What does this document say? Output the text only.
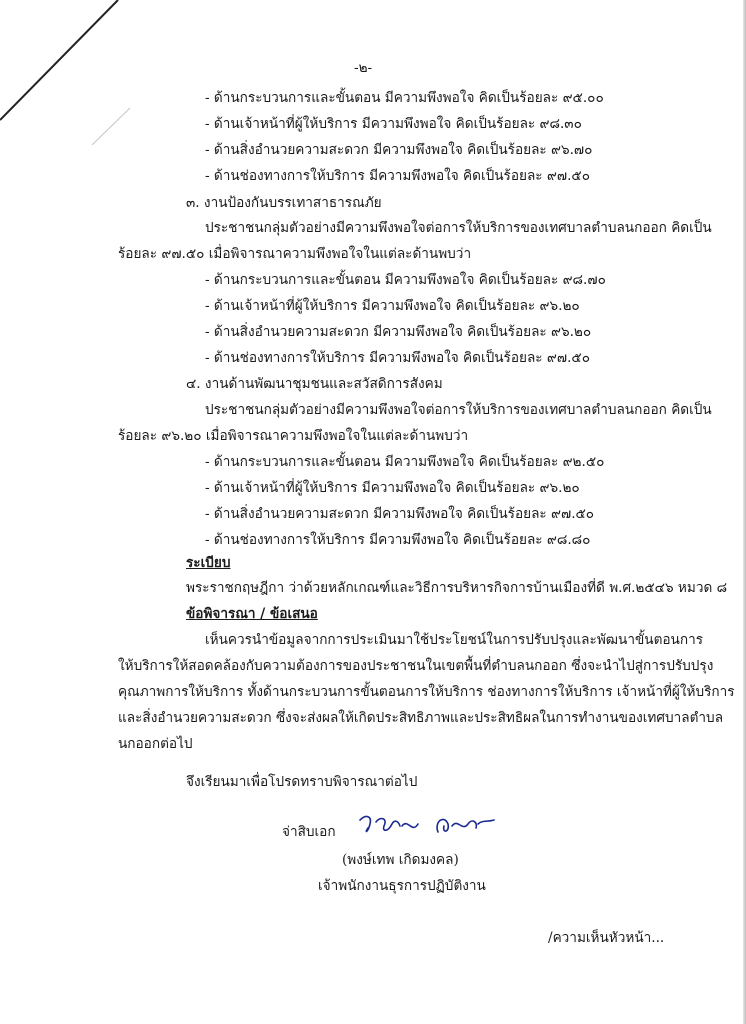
-๒-
- ด้านกระบวนการและขั้นตอน มีความพึงพอใจ คิดเป็นร้อยละ ๙๕.๐๐
- ด้านเจ้าหน้าที่ผู้ให้บริการ มีความพึงพอใจ คิดเป็นร้อยละ ๙๘.๓๐
- ด้านสิ่งอำนวยความสะดวก มีความพึงพอใจ คิดเป็นร้อยละ ๙๖.๗๐
- ด้านช่องทางการให้บริการ มีความพึงพอใจ คิดเป็นร้อยละ ๙๗.๕๐
๓. งานป้องกันบรรเทาสาธารณภัย
ประชาชนกลุ่มตัวอย่างมีความพึงพอใจต่อการให้บริการของเทศบาลตำบลนกออก คิดเป็น
ร้อยละ ๙๗.๕๐ เมื่อพิจารณาความพึงพอใจในแต่ละด้านพบว่า
- ด้านกระบวนการและขั้นตอน มีความพึงพอใจ คิดเป็นร้อยละ ๙๘.๗๐
- ด้านเจ้าหน้าที่ผู้ให้บริการ มีความพึงพอใจ คิดเป็นร้อยละ ๙๖.๒๐
- ด้านสิ่งอำนวยความสะดวก มีความพึงพอใจ คิดเป็นร้อยละ ๙๖.๒๐
- ด้านช่องทางการให้บริการ มีความพึงพอใจ คิดเป็นร้อยละ ๙๗.๕๐
๔. งานด้านพัฒนาชุมชนและสวัสดิการสังคม
ประชาชนกลุ่มตัวอย่างมีความพึงพอใจต่อการให้บริการของเทศบาลตำบลนกออก คิดเป็น
ร้อยละ ๙๖.๒๐ เมื่อพิจารณาความพึงพอใจในแต่ละด้านพบว่า
- ด้านกระบวนการและขั้นตอน มีความพึงพอใจ คิดเป็นร้อยละ ๙๒.๕๐
- ด้านเจ้าหน้าที่ผู้ให้บริการ มีความพึงพอใจ คิดเป็นร้อยละ ๙๖.๒๐
- ด้านสิ่งอำนวยความสะดวก มีความพึงพอใจ คิดเป็นร้อยละ ๙๗.๕๐
- ด้านช่องทางการให้บริการ มีความพึงพอใจ คิดเป็นร้อยละ ๙๘.๘๐
ระเบียบ
พระราชกฤษฎีกา ว่าด้วยหลักเกณฑ์และวิธีการบริหารกิจการบ้านเมืองที่ดี พ.ศ.๒๕๔๖ หมวด ๘
ข้อพิจารณา / ข้อเสนอ
เห็นควรนำข้อมูลจากการประเมินมาใช้ประโยชน์ในการปรับปรุงและพัฒนาขั้นตอนการ
ให้บริการให้สอดคล้องกับความต้องการของประชาชนในเขตพื้นที่ตำบลนกออก ซึ่งจะนำไปสู่การปรับปรุง
คุณภาพการให้บริการ ทั้งด้านกระบวนการขั้นตอนการให้บริการ ช่องทางการให้บริการ เจ้าหน้าที่ผู้ให้บริการ
และสิ่งอำนวยความสะดวก ซึ่งจะส่งผลให้เกิดประสิทธิภาพและประสิทธิผลในการทำงานของเทศบาลตำบล
นกออกต่อไป
จึงเรียนมาเพื่อโปรดทราบพิจารณาต่อไป
จ่าสิบเอก
(พงษ์เทพ เกิดมงคล)
เจ้าพนักงานธุรการปฏิบัติงาน
/ความเห็นหัวหน้า...
